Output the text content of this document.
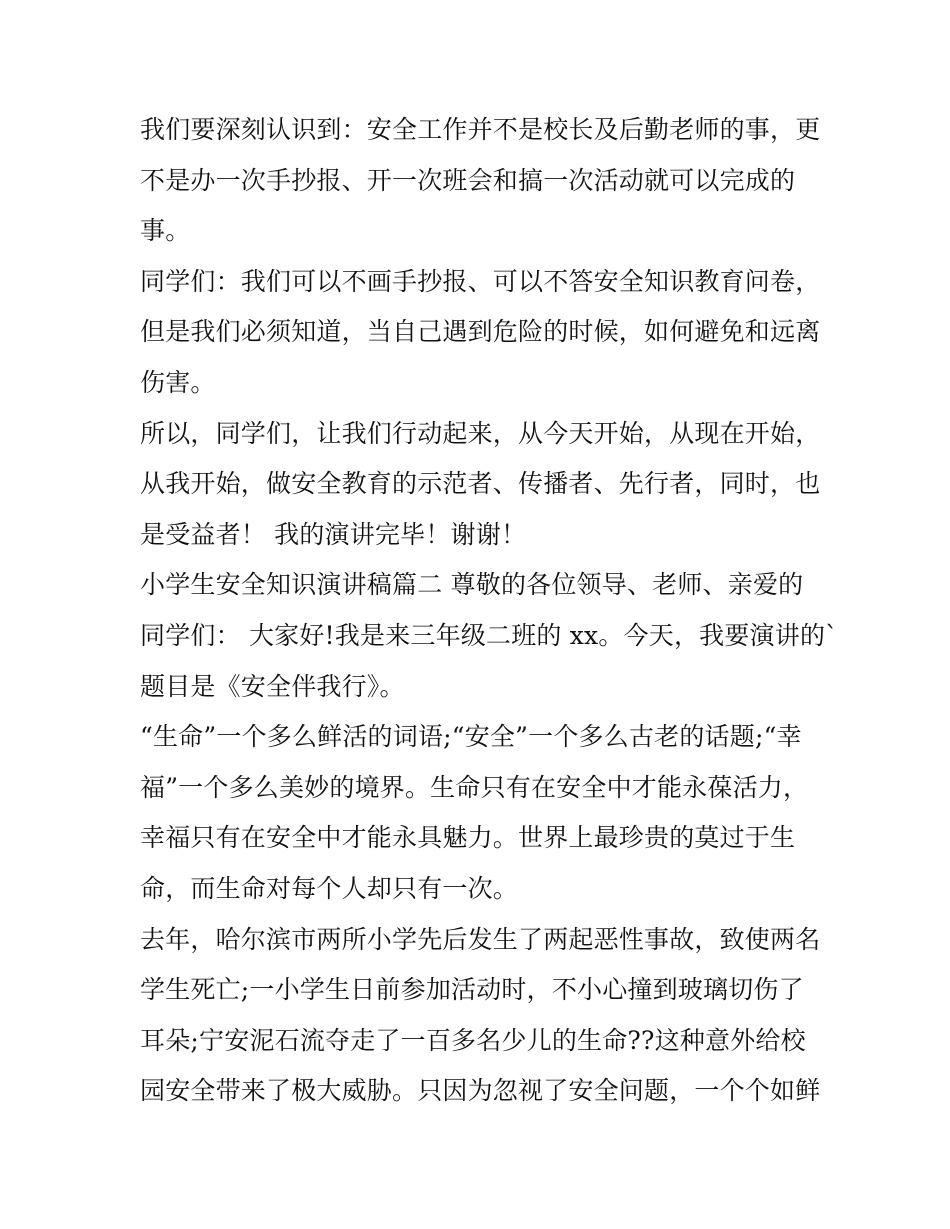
我们要深刻认识到：安全工作并不是校长及后勤老师的事，更
不是办一次手抄报、开一次班会和搞一次活动就可以完成的
事。
同学们：我们可以不画手抄报、可以不答安全知识教育问卷，
但是我们必须知道，当自己遇到危险的时候，如何避免和远离
伤害。
所以，同学们，让我们行动起来，从今天开始，从现在开始，
从我开始，做安全教育的示范者、传播者、先行者，同时，也
是受益者！ 我的演讲完毕！谢谢！
小学生安全知识演讲稿篇二 尊敬的各位领导、老师、亲爱的
同学们： 大家好!我是来三年级二班的 xx。今天，我要演讲的`
题目是《安全伴我行》。
“生命”一个多么鲜活的词语;“安全”一个多么古老的话题;“幸
福”一个多么美妙的境界。生命只有在安全中才能永葆活力，
幸福只有在安全中才能永具魅力。世界上最珍贵的莫过于生
命，而生命对每个人却只有一次。
去年，哈尔滨市两所小学先后发生了两起恶性事故，致使两名
学生死亡;一小学生日前参加活动时，不小心撞到玻璃切伤了
耳朵;宁安泥石流夺走了一百多名少儿的生命??这种意外给校
园安全带来了极大威胁。只因为忽视了安全问题，一个个如鲜
